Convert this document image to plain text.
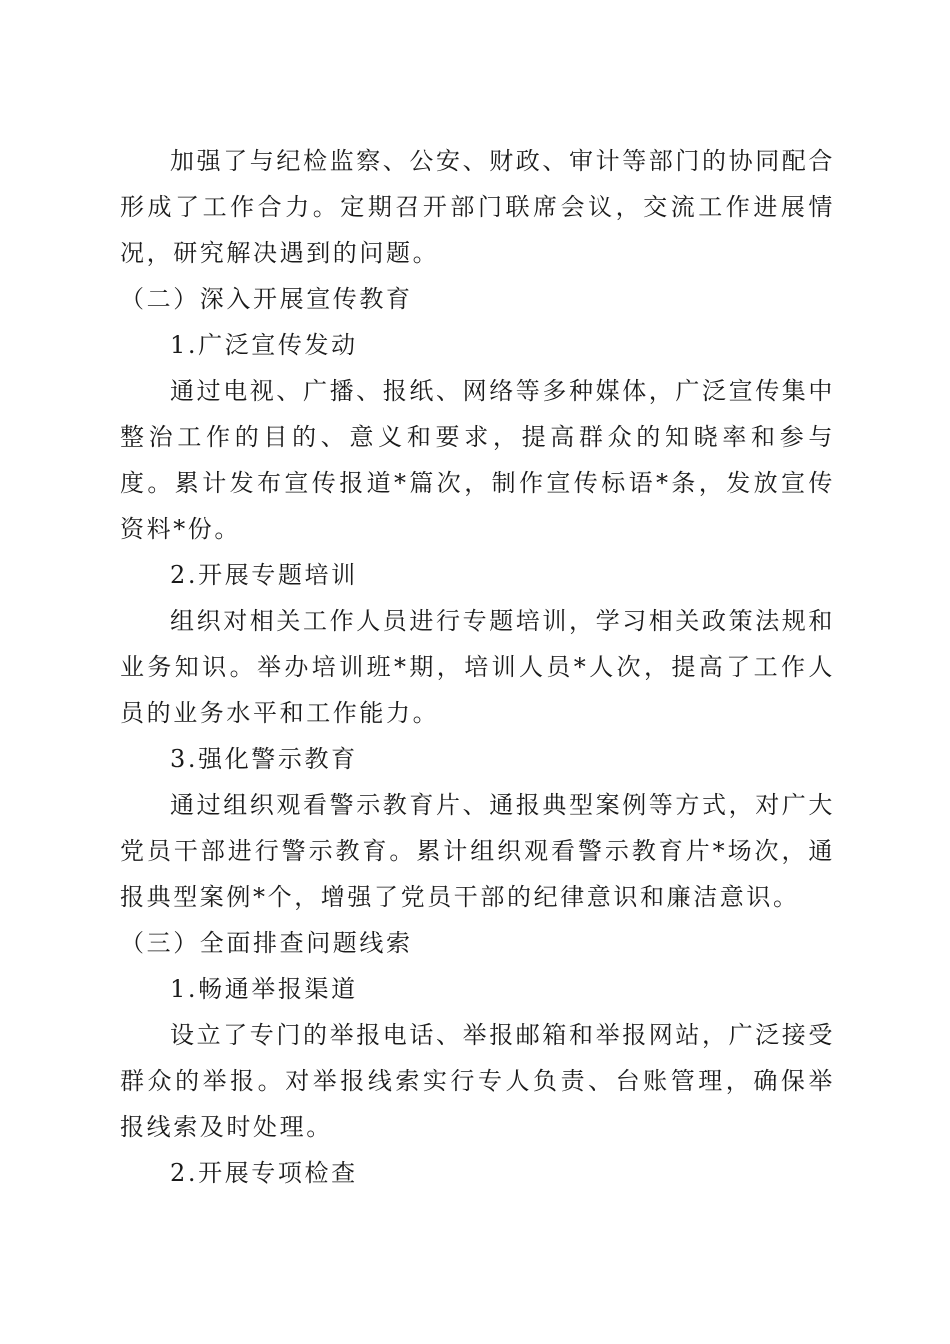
加强了与纪检监察、公安、财政、审计等部门的协同配合形成了工作合力。定期召开部门联席会议，交流工作进展情况，研究解决遇到的问题。

（二）深入开展宣传教育

1.广泛宣传发动

通过电视、广播、报纸、网络等多种媒体，广泛宣传集中整治工作的目的、意义和要求，提高群众的知晓率和参与度。累计发布宣传报道*篇次，制作宣传标语*条，发放宣传资料*份。

2.开展专题培训

组织对相关工作人员进行专题培训，学习相关政策法规和业务知识。举办培训班*期，培训人员*人次，提高了工作人员的业务水平和工作能力。

3.强化警示教育

通过组织观看警示教育片、通报典型案例等方式，对广大党员干部进行警示教育。累计组织观看警示教育片*场次，通报典型案例*个，增强了党员干部的纪律意识和廉洁意识。

（三）全面排查问题线索

1.畅通举报渠道

设立了专门的举报电话、举报邮箱和举报网站，广泛接受群众的举报。对举报线索实行专人负责、台账管理，确保举报线索及时处理。

2.开展专项检查
